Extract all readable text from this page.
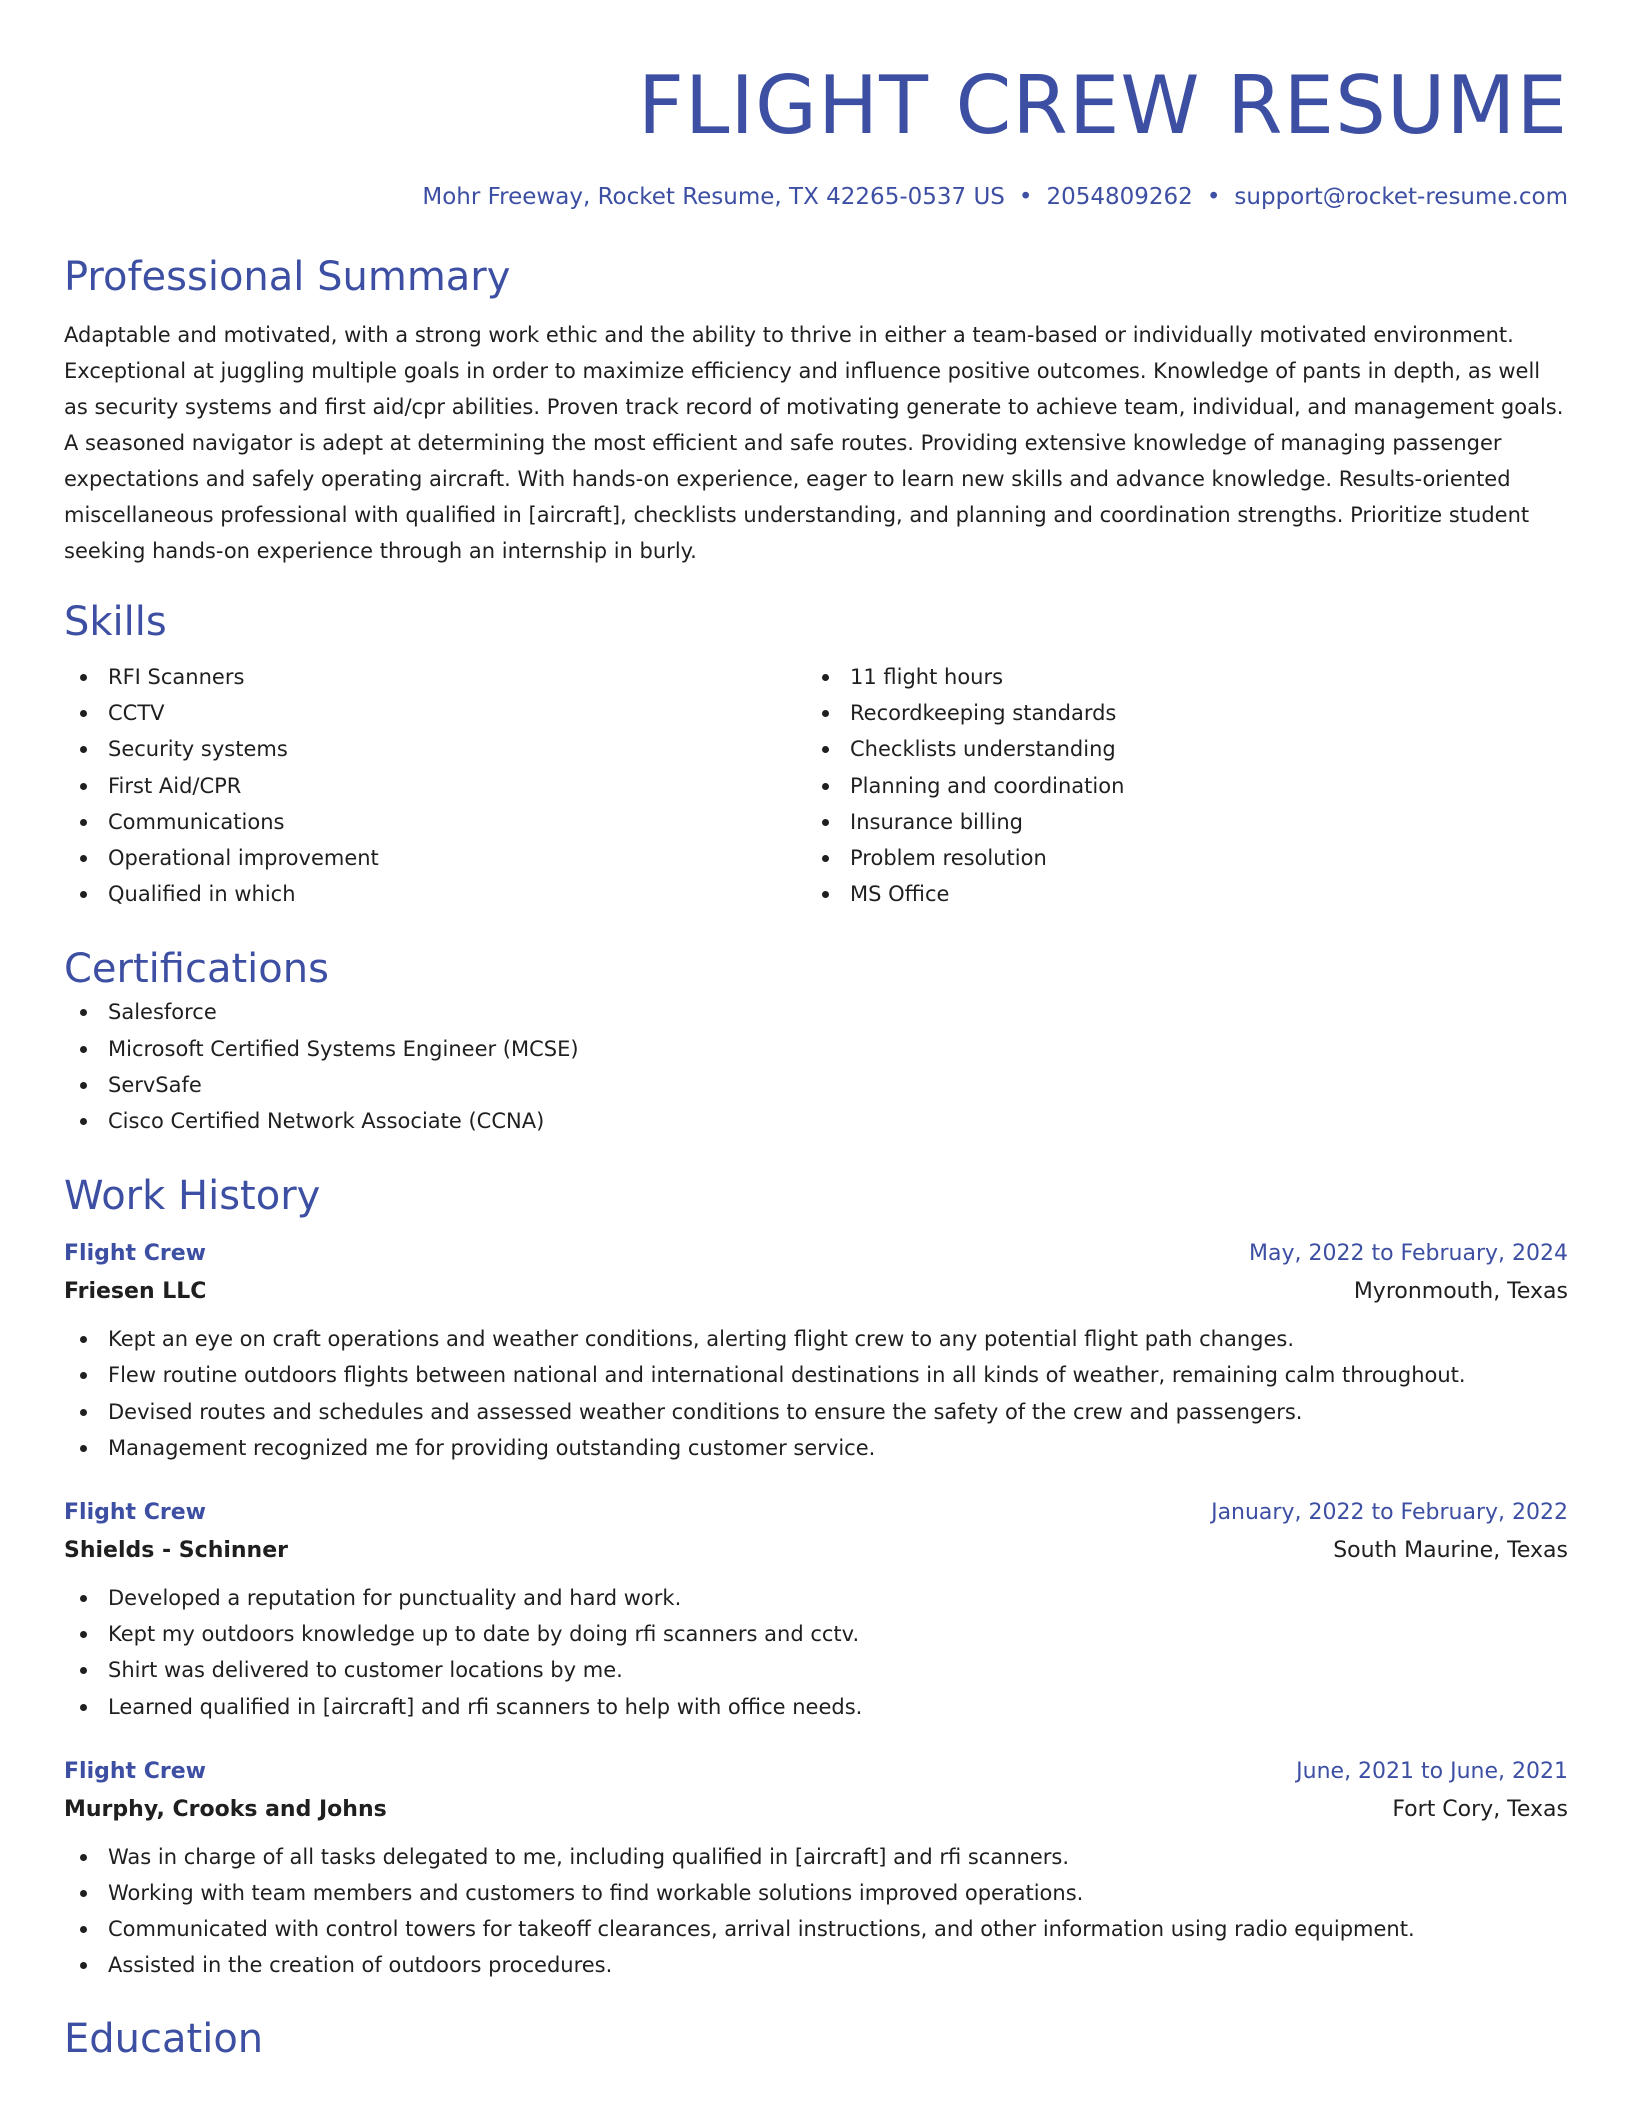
FLIGHT CREW RESUME
Mohr Freeway, Rocket Resume, TX 42265-0537 US • 2054809262 • support@rocket-resume.com
Professional Summary

Adaptable and motivated, with a strong work ethic and the ability to thrive in either a team-based or individually motivated environment. Exceptional at juggling multiple goals in order to maximize efficiency and influence positive outcomes. Knowledge of pants in depth, as well as security systems and first aid/cpr abilities. Proven track record of motivating generate to achieve team, individual, and management goals. A seasoned navigator is adept at determining the most efficient and safe routes. Providing extensive knowledge of managing passenger expectations and safely operating aircraft. With hands-on experience, eager to learn new skills and advance knowledge. Results-oriented miscellaneous professional with qualified in [aircraft], checklists understanding, and planning and coordination strengths. Prioritize student seeking hands-on experience through an internship in burly.

Skills
RFI Scanners
CCTV
Security systems
First Aid/CPR
Communications
Operational improvement
Qualified in which
11 flight hours
Recordkeeping standards
Checklists understanding
Planning and coordination
Insurance billing
Problem resolution
MS Office
Certifications
Salesforce
Microsoft Certified Systems Engineer (MCSE)
ServSafe
Cisco Certified Network Associate (CCNA)
Work History
Flight Crew	May, 2022 to February, 2024
Friesen LLC	Myronmouth, Texas
Kept an eye on craft operations and weather conditions, alerting flight crew to any potential flight path changes.
Flew routine outdoors flights between national and international destinations in all kinds of weather, remaining calm throughout.
Devised routes and schedules and assessed weather conditions to ensure the safety of the crew and passengers.
Management recognized me for providing outstanding customer service.
Flight Crew	January, 2022 to February, 2022
Shields - Schinner	South Maurine, Texas
Developed a reputation for punctuality and hard work.
Kept my outdoors knowledge up to date by doing rfi scanners and cctv.
Shirt was delivered to customer locations by me.
Learned qualified in [aircraft] and rfi scanners to help with office needs.
Flight Crew	June, 2021 to June, 2021
Murphy, Crooks and Johns	Fort Cory, Texas
Was in charge of all tasks delegated to me, including qualified in [aircraft] and rfi scanners.
Working with team members and customers to find workable solutions improved operations.
Communicated with control towers for takeoff clearances, arrival instructions, and other information using radio equipment.
Assisted in the creation of outdoors procedures.
Education
